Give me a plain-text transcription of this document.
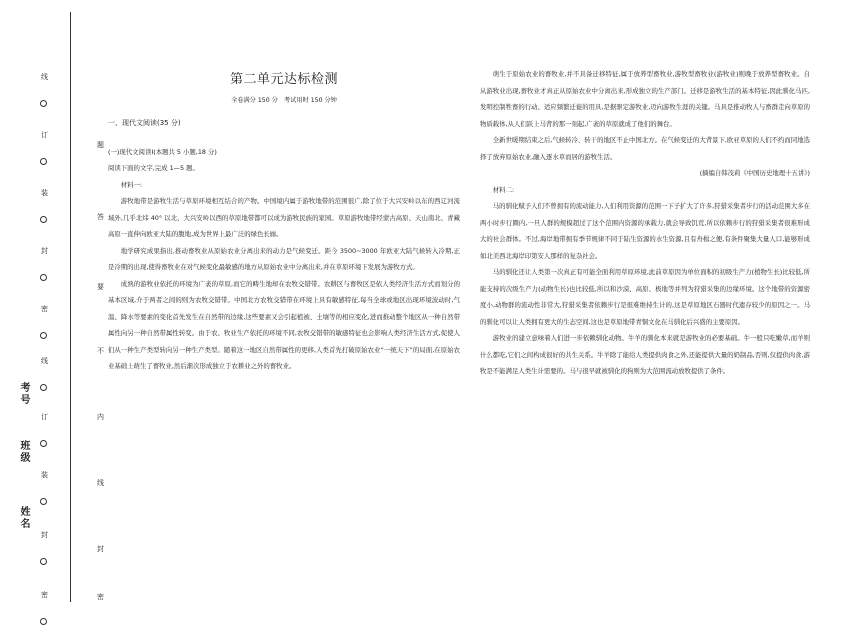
线
订
装
封
密
线
订
装
封
密
题
答
要
不
内
线
封
密
考号
班级
姓名
第二单元达标检测
全卷满分 150 分　考试用时 150 分钟

一、现代文阅读(35 分)

(一)现代文阅读Ⅰ(本题共 5 小题,18 分)

阅读下面的文字,完成 1—5 题。

材料一:

游牧地带是游牧生活与草原环境相互结合的产物。中国境内属于游牧地带的范围很广,除了位于大兴安岭以东的西辽河流域外,几乎北纬 40° 以北、大兴安岭以西的草原地带都可以成为游牧民族的家园。草原游牧地带经蒙古高原、天山南北、青藏高原一直伸向欧亚大陆的腹地,成为世界上最广泛的绿色长廊。

地学研究成果指出,推动畜牧业从原始农业分离出来的动力是气候变迁。距今 3500~3000 年欧亚大陆气候转入冷期,正是冷期的出现,使得畜牧业在对气候变化最敏感的地方从原始农业中分离出来,并在草原环境下发展为游牧方式。

成熟的游牧业依托的环境为广袤的草原,而它的畴生地却在农牧交错带。农耕区与畜牧区是依人类经济生活方式而划分的基本区域,介于两者之间的则为农牧交错带。中国北方农牧交错带在环境上具有敏感特征,每当全球或地区出现环境波动时,气温、降水等要素的变化首先发生在自然带的边缘,这些要素又会引起植被、土壤等的相应变化,进而推动整个地区从一种自然带属性向另一种自然带属性转变。由于农、牧业生产依托的环境不同,农牧交错带的敏感特征也会影响人类经济生活方式,促使人们从一种生产类型转向另一种生产类型。随着这一地区自然带属性的更移,人类首先打破原始农业“一统天下”的局面,在原始农业基础上萌生了畜牧业,然后渐次形成独立于农耕业之外的畜牧业。

萌生于原始农业的畜牧业,并不具备迁移特征,属于放养型畜牧业,游牧型畜牧业(游牧业)则晚于放养型畜牧业。自从游牧业出现,畜牧业才真正从原始农业中分离出来,形成独立的生产部门。迁移是游牧生活的基本特征,因此驯化马匹,发明控制牲畜的行动、适应频繁迁徙的用具,是据驱定游牧业,迈向游牧生涯的关键。马具是推动牧人与畜群走向草原的物质载体,从人们跃上马背的那一刻起,广袤的草原就成了他们的舞台。

全新世暖期结束之后,气候转冷、转干的地区不止中国北方。在气候变迁的大背景下,欧亚草原的人们不约而同地选择了放弃原始农业,融入逐水草而居的游牧生活。

(摘编自韩茂莉《中国历史地理十五讲》)

材料二:

马的驯化赋予人们不曾拥有的流动能力,人们利用资源的范围一下子扩大了许多,狩猎采集者步行的活动范围大多在两小时步行圈内,一旦人群的规模超过了这个范围内资源的承载力,就会导致饥荒,所以依赖步行的狩猎采集者很难形成大的社会群体。不过,海岸地带拥有季节规律不同于陆生资源的水生资源,且有舟楫之便,有条件聚集大量人口,能够形成如北美西北海岸印第安人那样的复杂社会。

马的驯化还让人类第一次真正有可能全面利用草原环境,此前草原因为单位面积的初级生产力(植物生长)比较低,所能支持的次级生产力(动物生长)也比较低,所以和沙漠、高原、极地等并列为狩猎采集的边缘环境。这个地带的资源密度小,动物群的流动性非常大,狩猎采集者依赖步行是很难维持生计的,这是草原地区石器时代遗存较少的原因之一。马的驯化可以让人类拥有更大的生态空间,这也是草原地带青铜文化在马驯化后兴盛的主要原因。

游牧业的建立意味着人们进一步依赖驯化动物。牛羊的驯化本来就是游牧业的必要基础。牛一般只吃嫩草,而羊则什么都吃,它们之间构成很好的共生关系。牛羊除了能给人类提供肉食之外,还能提供大量的奶制品,否则,仅提供肉食,游牧是不能满足人类生计需要的。马与很早就被驯化的狗则为大范围流动放牧提供了条件。
